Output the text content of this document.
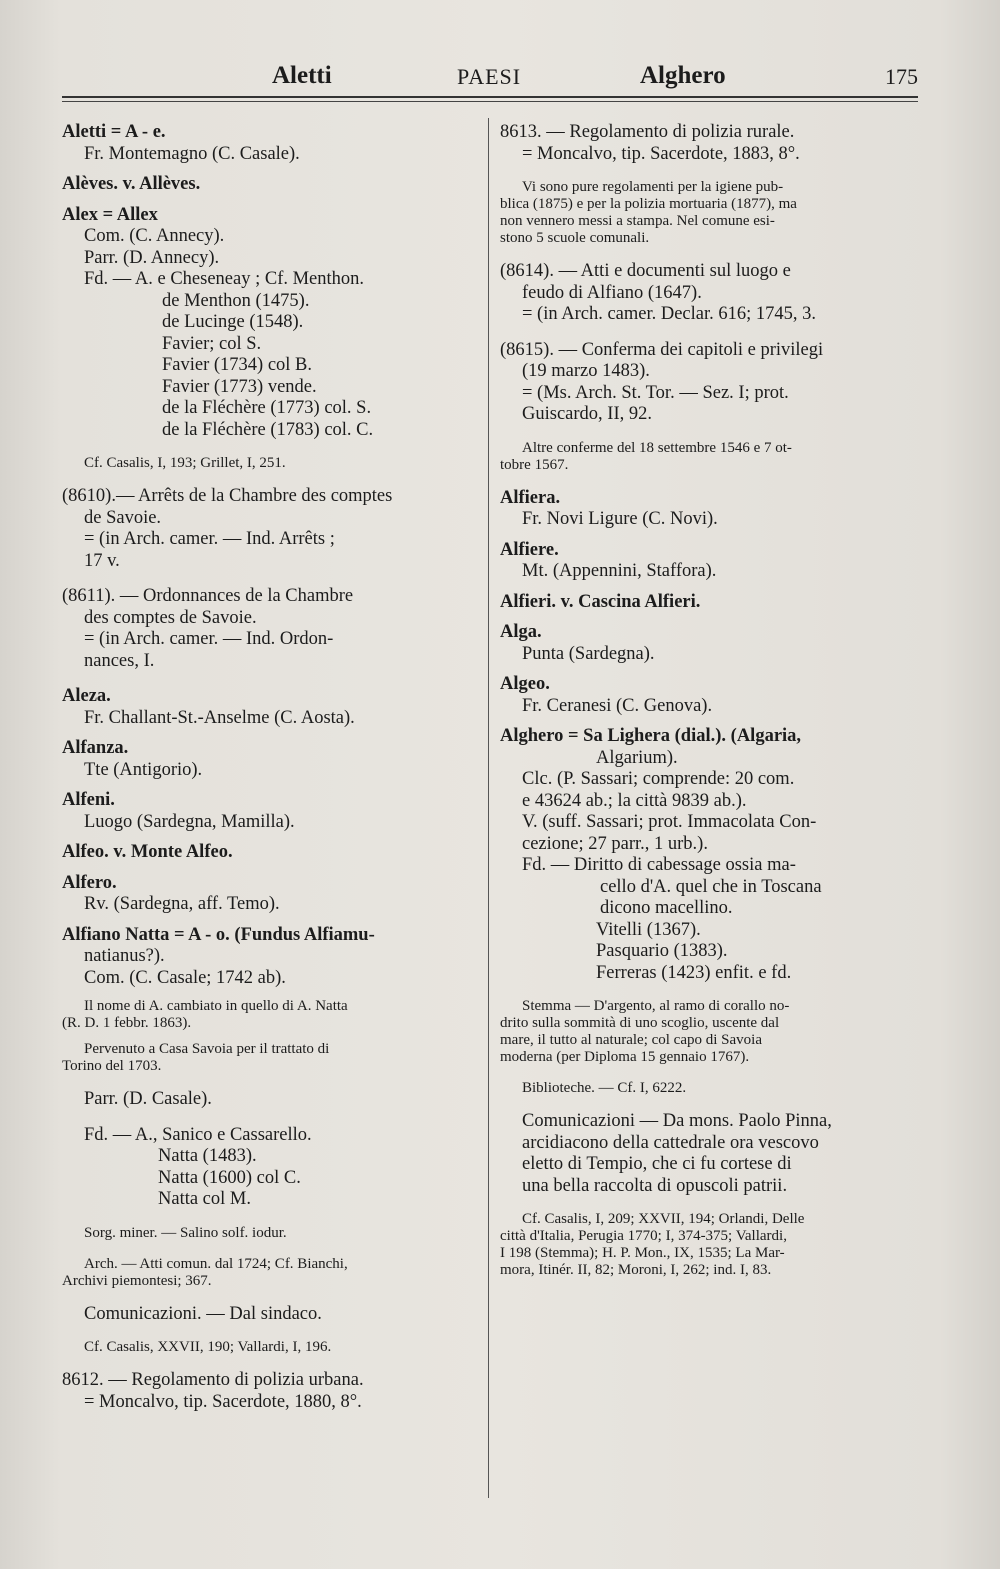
Aletti	PAESI	Alghero	175
Aletti = A - e.
Fr. Montemagno (C. Casale).
Alèves. v. Allèves.
Alex = Allex
Com. (C. Annecy).
Parr. (D. Annecy).
Fd. — A. e Cheseneay ; Cf. Menthon.
de Menthon (1475).
de Lucinge (1548).
Favier; col S.
Favier (1734) col B.
Favier (1773) vende.
de la Fléchère (1773) col. S.
de la Fléchère (1783) col. C.
Cf. Casalis, I, 193; Grillet, I, 251.
(8610).— Arrêts de la Chambre des comptes
de Savoie.
= (in Arch. camer. — Ind. Arrêts ;
17 v.
(8611). — Ordonnances de la Chambre
des comptes de Savoie.
= (in Arch. camer. — Ind. Ordon-
nances, I.
Aleza.
Fr. Challant-St.-Anselme (C. Aosta).
Alfanza.
Tte (Antigorio).
Alfeni.
Luogo (Sardegna, Mamilla).
Alfeo. v. Monte Alfeo.
Alfero.
Rv. (Sardegna, aff. Temo).
Alfiano Natta = A - o. (Fundus Alfiamu-
natianus?).
Com. (C. Casale; 1742 ab).
Il nome di A. cambiato in quello di A. Natta
(R. D. 1 febbr. 1863).
Pervenuto a Casa Savoia per il trattato di
Torino del 1703.
Parr. (D. Casale).
Fd. — A., Sanico e Cassarello.
Natta (1483).
Natta (1600) col C.
Natta col M.
Sorg. miner. — Salino solf. iodur.
Arch. — Atti comun. dal 1724; Cf. Bianchi,
Archivi piemontesi; 367.
Comunicazioni. — Dal sindaco.
Cf. Casalis, XXVII, 190; Vallardi, I, 196.
8612. — Regolamento di polizia urbana.
= Moncalvo, tip. Sacerdote, 1880, 8°.
8613. — Regolamento di polizia rurale.
= Moncalvo, tip. Sacerdote, 1883, 8°.
Vi sono pure regolamenti per la igiene pub-
blica (1875) e per la polizia mortuaria (1877), ma
non vennero messi a stampa. Nel comune esi-
stono 5 scuole comunali.
(8614). — Atti e documenti sul luogo e
feudo di Alfiano (1647).
= (in Arch. camer. Declar. 616; 1745, 3.
(8615). — Conferma dei capitoli e privilegi
(19 marzo 1483).
= (Ms. Arch. St. Tor. — Sez. I; prot.
Guiscardo, II, 92.
Altre conferme del 18 settembre 1546 e 7 ot-
tobre 1567.
Alfiera.
Fr. Novi Ligure (C. Novi).
Alfiere.
Mt. (Appennini, Staffora).
Alfieri. v. Cascina Alfieri.
Alga.
Punta (Sardegna).
Algeo.
Fr. Ceranesi (C. Genova).
Alghero = Sa Lighera (dial.). (Algaria,
Algarium).
Clc. (P. Sassari; comprende: 20 com.
e 43624 ab.; la città 9839 ab.).
V. (suff. Sassari; prot. Immacolata Con-
cezione; 27 parr., 1 urb.).
Fd. — Diritto di cabessage ossia ma-
cello d'A. quel che in Toscana
dicono macellino.
Vitelli (1367).
Pasquario (1383).
Ferreras (1423) enfit. e fd.
Stemma — D'argento, al ramo di corallo no-
drito sulla sommità di uno scoglio, uscente dal
mare, il tutto al naturale; col capo di Savoia
moderna (per Diploma 15 gennaio 1767).
Biblioteche. — Cf. I, 6222.
Comunicazioni — Da mons. Paolo Pinna,
arcidiacono della cattedrale ora vescovo
eletto di Tempio, che ci fu cortese di
una bella raccolta di opuscoli patrii.
Cf. Casalis, I, 209; XXVII, 194; Orlandi, Delle
città d'Italia, Perugia 1770; I, 374-375; Vallardi,
I 198 (Stemma); H. P. Mon., IX, 1535; La Mar-
mora, Itinér. II, 82; Moroni, I, 262; ind. I, 83.
